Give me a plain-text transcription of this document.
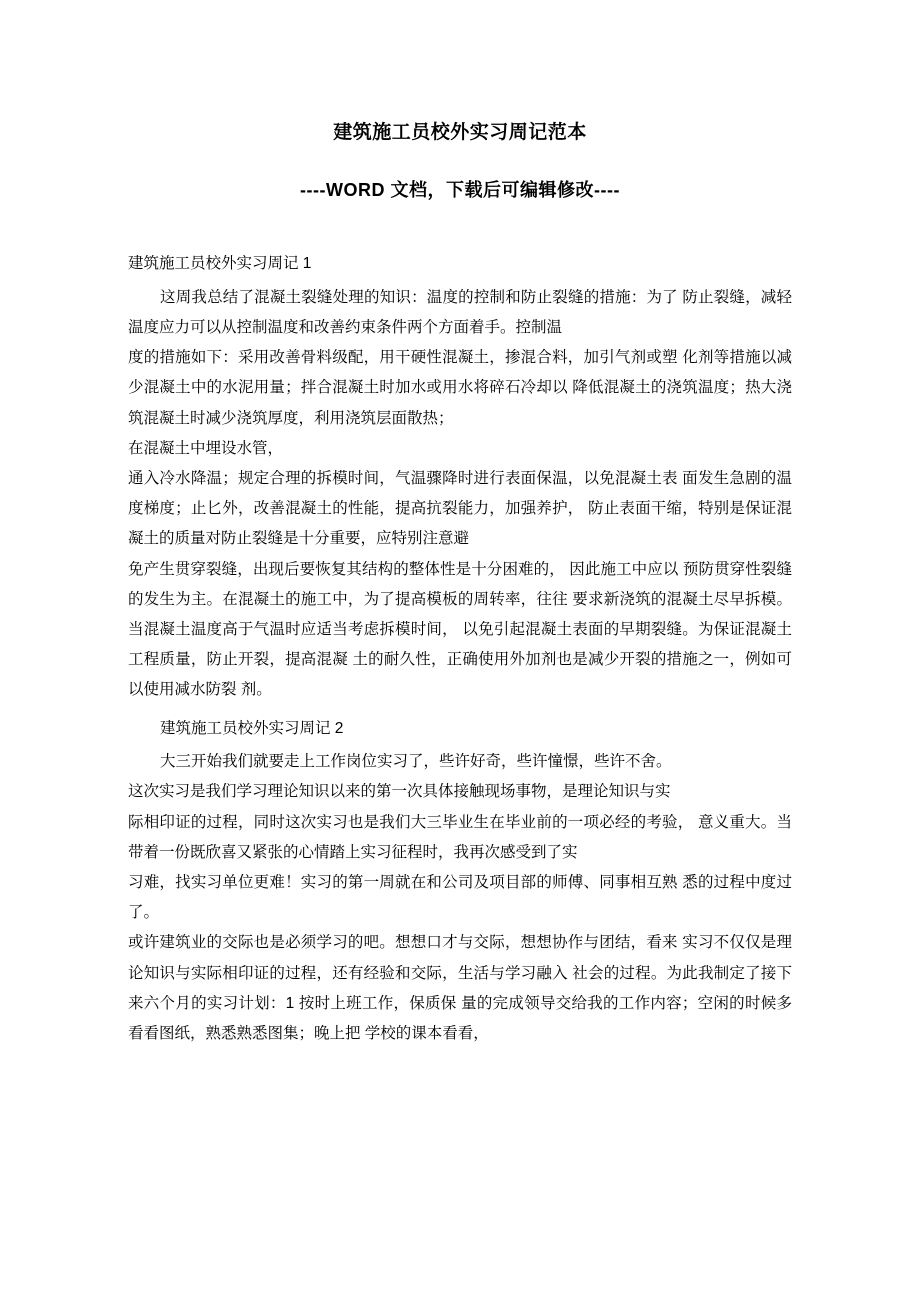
建筑施工员校外实习周记范本
----WORD 文档，下载后可编辑修改----
建筑施工员校外实习周记 1

这周我总结了混凝土裂缝处理的知识：温度的控制和防止裂缝的措施：为了 防止裂缝，减轻温度应力可以从控制温度和改善约束条件两个方面着手。控制温

度的措施如下：采用改善骨料级配，用干硬性混凝土，掺混合料，加引气剂或塑 化剂等措施以减少混凝土中的水泥用量；拌合混凝土时加水或用水将碎石冷却以 降低混凝土的浇筑温度；热大浇筑混凝土时减少浇筑厚度，利用浇筑层面散热；

在混凝土中埋设水管，

通入冷水降温；规定合理的拆模时间，气温骤降时进行表面保温，以免混凝土表 面发生急剧的温度梯度；止匕外，改善混凝土的性能，提高抗裂能力，加强养护， 防止表面干缩，特别是保证混凝土的质量对防止裂缝是十分重要，应特别注意避

免产生贯穿裂缝，出现后要恢复其结构的整体性是十分困难的， 因此施工中应以 预防贯穿性裂缝的发生为主。在混凝土的施工中，为了提高模板的周转率，往往 要求新浇筑的混凝土尽早拆模。当混凝土温度高于气温时应适当考虑拆模时间， 以免引起混凝土表面的早期裂缝。为保证混凝土工程质量，防止开裂，提高混凝 土的耐久性，正确使用外加剂也是减少开裂的措施之一，例如可以使用减水防裂 剂。

建筑施工员校外实习周记 2

大三开始我们就要走上工作岗位实习了，些许好奇，些许憧憬，些许不舍。

这次实习是我们学习理论知识以来的第一次具体接触现场事物，是理论知识与实

际相印证的过程，同时这次实习也是我们大三毕业生在毕业前的一项必经的考验， 意义重大。当带着一份既欣喜又紧张的心情踏上实习征程时，我再次感受到了实

习难，找实习单位更难！实习的第一周就在和公司及项目部的师傅、同事相互熟 悉的过程中度过了。

或许建筑业的交际也是必须学习的吧。想想口才与交际，想想协作与团结，看来 实习不仅仅是理论知识与实际相印证的过程，还有经验和交际，生活与学习融入 社会的过程。为此我制定了接下来六个月的实习计划：1 按时上班工作，保质保 量的完成领导交给我的工作内容；空闲的时候多看看图纸，熟悉熟悉图集；晚上把 学校的课本看看，
